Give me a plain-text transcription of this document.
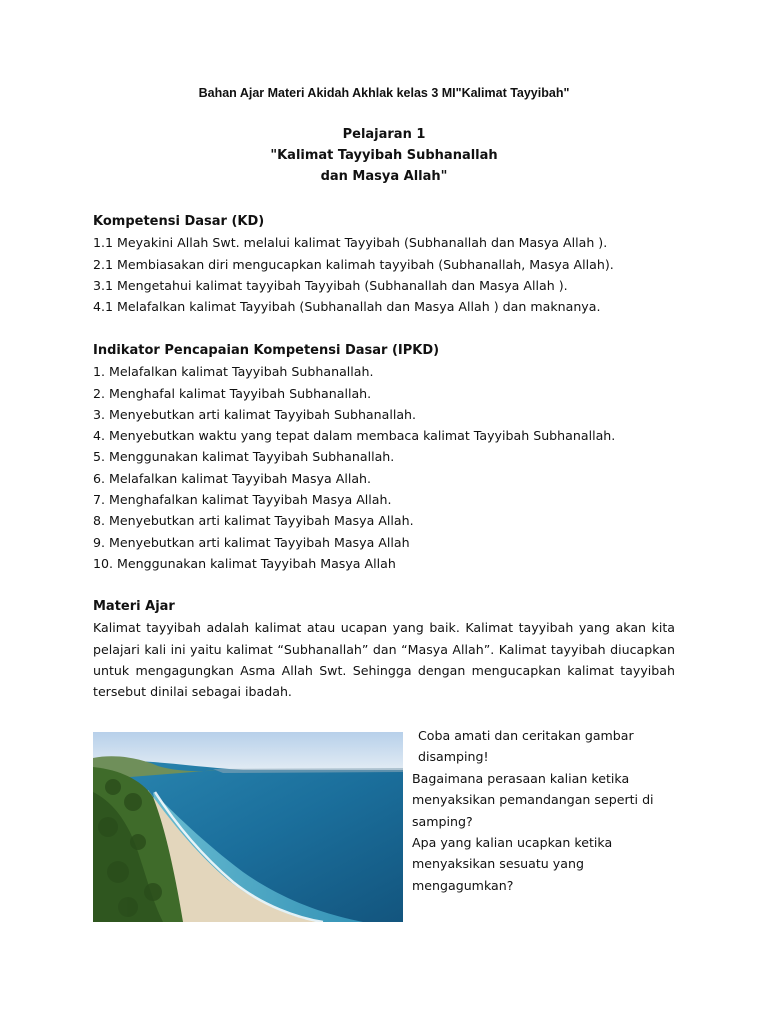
Bahan Ajar Materi Akidah Akhlak kelas 3 MI"Kalimat Tayyibah"
Pelajaran 1
"Kalimat Tayyibah Subhanallah
dan Masya Allah"
Kompetensi Dasar (KD)

1.1 Meyakini Allah Swt. melalui kalimat Tayyibah (Subhanallah dan Masya Allah ).

2.1 Membiasakan diri mengucapkan kalimah tayyibah (Subhanallah, Masya Allah).

3.1 Mengetahui kalimat tayyibah Tayyibah (Subhanallah dan Masya Allah ).

4.1 Melafalkan kalimat Tayyibah (Subhanallah dan Masya Allah ) dan maknanya.

Indikator Pencapaian Kompetensi Dasar (IPKD)

1. Melafalkan kalimat Tayyibah Subhanallah.

2. Menghafal kalimat Tayyibah Subhanallah.

3. Menyebutkan arti kalimat Tayyibah Subhanallah.

4. Menyebutkan waktu yang tepat dalam membaca kalimat Tayyibah Subhanallah.

5. Menggunakan kalimat Tayyibah Subhanallah.

6. Melafalkan kalimat Tayyibah Masya Allah.

7. Menghafalkan kalimat Tayyibah Masya Allah.

8. Menyebutkan arti kalimat Tayyibah Masya Allah.

9. Menyebutkan arti kalimat Tayyibah Masya Allah

10. Menggunakan kalimat Tayyibah Masya Allah

Materi Ajar

Kalimat tayyibah adalah kalimat atau ucapan yang baik. Kalimat tayyibah yang akan kita pelajari kali ini yaitu kalimat “Subhanallah” dan “Masya Allah”. Kalimat tayyibah diucapkan untuk mengagungkan Asma Allah Swt. Sehingga dengan mengucapkan kalimat tayyibah tersebut dinilai sebagai ibadah.

Coba amati dan ceritakan gambar

disamping!

Bagaimana perasaan kalian ketika

menyaksikan pemandangan seperti di

samping?

Apa yang kalian ucapkan ketika

menyaksikan sesuatu yang

mengagumkan?
